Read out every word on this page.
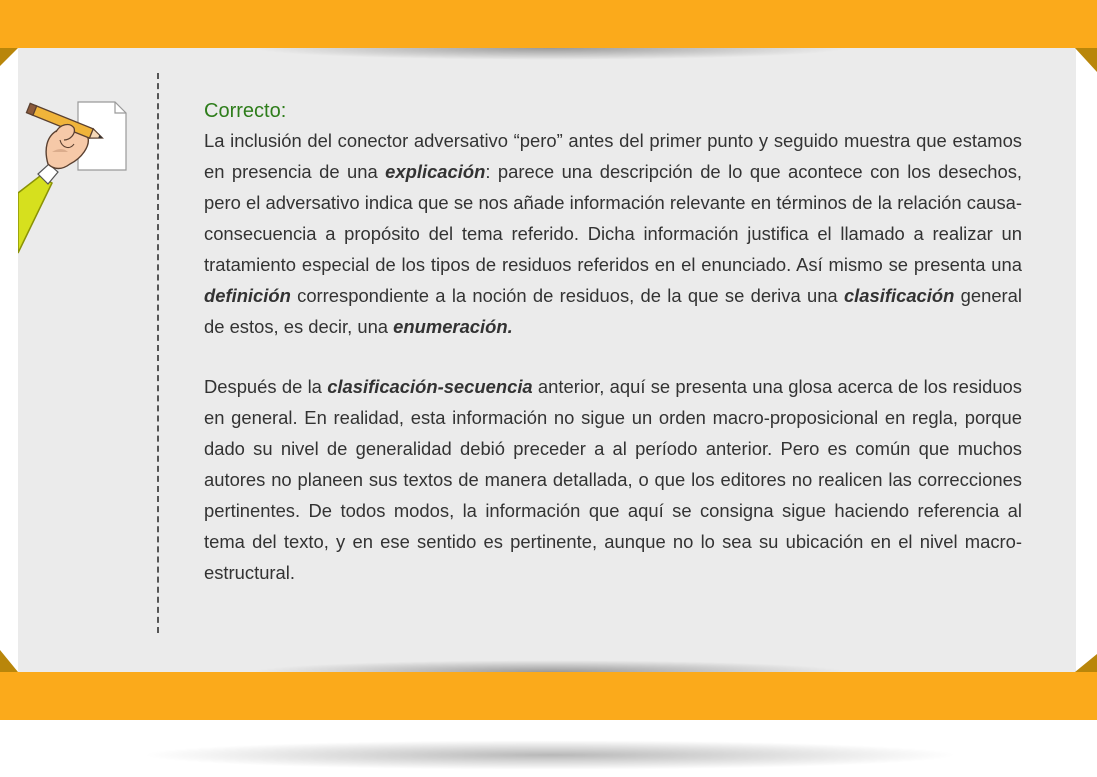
Correcto:

La inclusión del conector adversativo “pero” antes del primer punto y seguido muestra que estamos en presencia de una explicación: parece una descripción de lo que acontece con los desechos, pero el adversativo indica que se nos añade información relevante en términos de la relación causa-consecuencia a propósito del tema referido. Dicha información justifica el llamado a realizar un tratamiento especial de los tipos de residuos referidos en el enunciado. Así mismo se presenta una definición correspondiente a la noción de residuos, de la que se deriva una clasificación general de estos, es decir, una enumeración.

Después de la clasificación-secuencia anterior, aquí se presenta una glosa acerca de los residuos en general. En realidad, esta información no sigue un orden macro-proposicional en regla, porque dado su nivel de generalidad debió preceder a al período anterior. Pero es común que muchos autores no planeen sus textos de manera detallada, o que los editores no realicen las correcciones pertinentes. De todos modos, la información que aquí se consigna sigue haciendo referencia al tema del texto, y en ese sentido es pertinente, aunque no lo sea su ubicación en el nivel macro-estructural.
